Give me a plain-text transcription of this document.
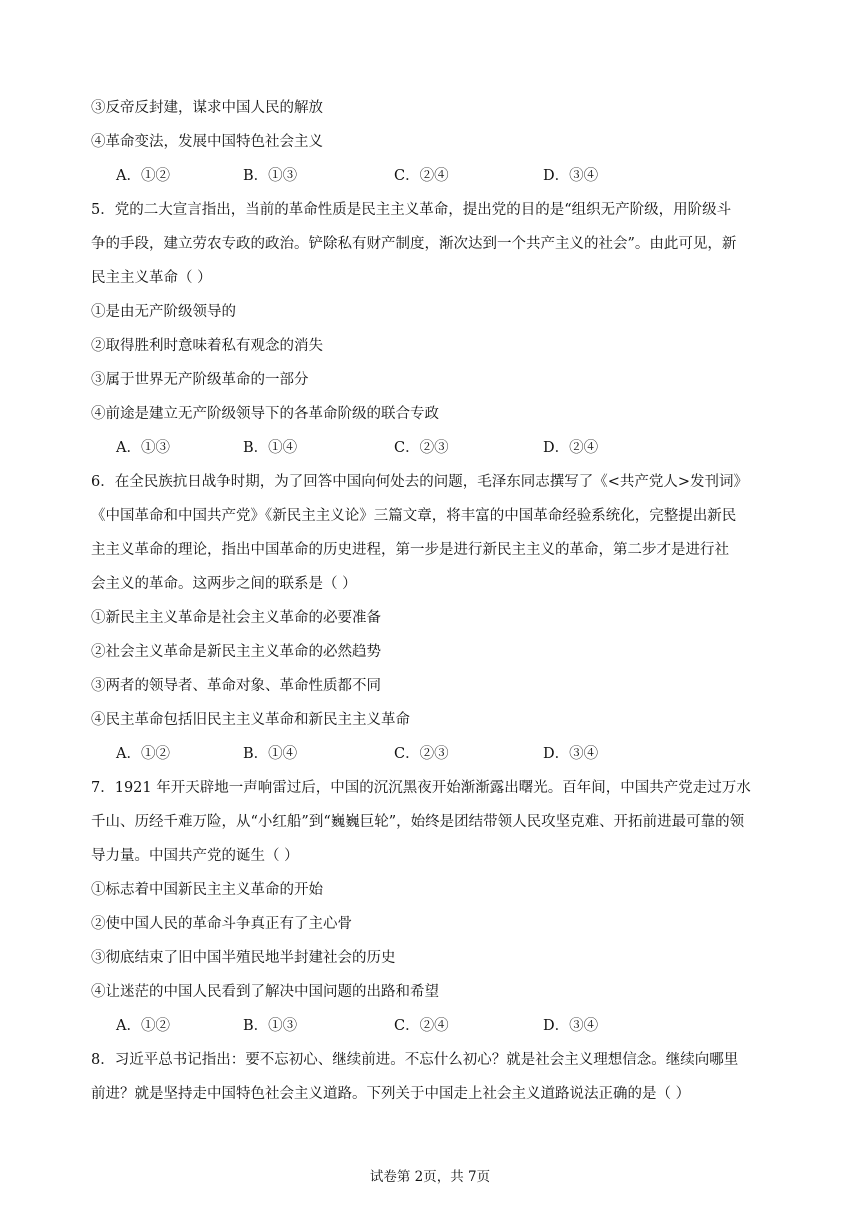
③反帝反封建，谋求中国人民的解放
④革命变法，发展中国特色社会主义
A．①②	B．①③	C．②④	D．③④
5．党的二大宣言指出，当前的革命性质是民主主义革命，提出党的目的是“组织无产阶级，用阶级斗
争的手段，建立劳农专政的政治。铲除私有财产制度，渐次达到一个共产主义的社会”。由此可见，新
民主主义革命（ ）
①是由无产阶级领导的
②取得胜利时意味着私有观念的消失
③属于世界无产阶级革命的一部分
④前途是建立无产阶级领导下的各革命阶级的联合专政
A．①③	B．①④	C．②③	D．②④
6．在全民族抗日战争时期，为了回答中国向何处去的问题，毛泽东同志撰写了《<共产党人>发刊词》
《中国革命和中国共产党》《新民主主义论》三篇文章，将丰富的中国革命经验系统化，完整提出新民
主主义革命的理论，指出中国革命的历史进程，第一步是进行新民主主义的革命，第二步才是进行社
会主义的革命。这两步之间的联系是（ ）
①新民主主义革命是社会主义革命的必要准备
②社会主义革命是新民主主义革命的必然趋势
③两者的领导者、革命对象、革命性质都不同
④民主革命包括旧民主主义革命和新民主主义革命
A．①②	B．①④	C．②③	D．③④
7．1921 年开天辟地一声响雷过后，中国的沉沉黑夜开始渐渐露出曙光。百年间，中国共产党走过万水
千山、历经千难万险，从“小红船”到“巍巍巨轮”，始终是团结带领人民攻坚克难、开拓前进最可靠的领
导力量。中国共产党的诞生（ ）
①标志着中国新民主主义革命的开始
②使中国人民的革命斗争真正有了主心骨
③彻底结束了旧中国半殖民地半封建社会的历史
④让迷茫的中国人民看到了解决中国问题的出路和希望
A．①②	B．①③	C．②④	D．③④
8．习近平总书记指出：要不忘初心、继续前进。不忘什么初心？就是社会主义理想信念。继续向哪里
前进？就是坚持走中国特色社会主义道路。下列关于中国走上社会主义道路说法正确的是（ ）
试卷第 2页，共 7页
